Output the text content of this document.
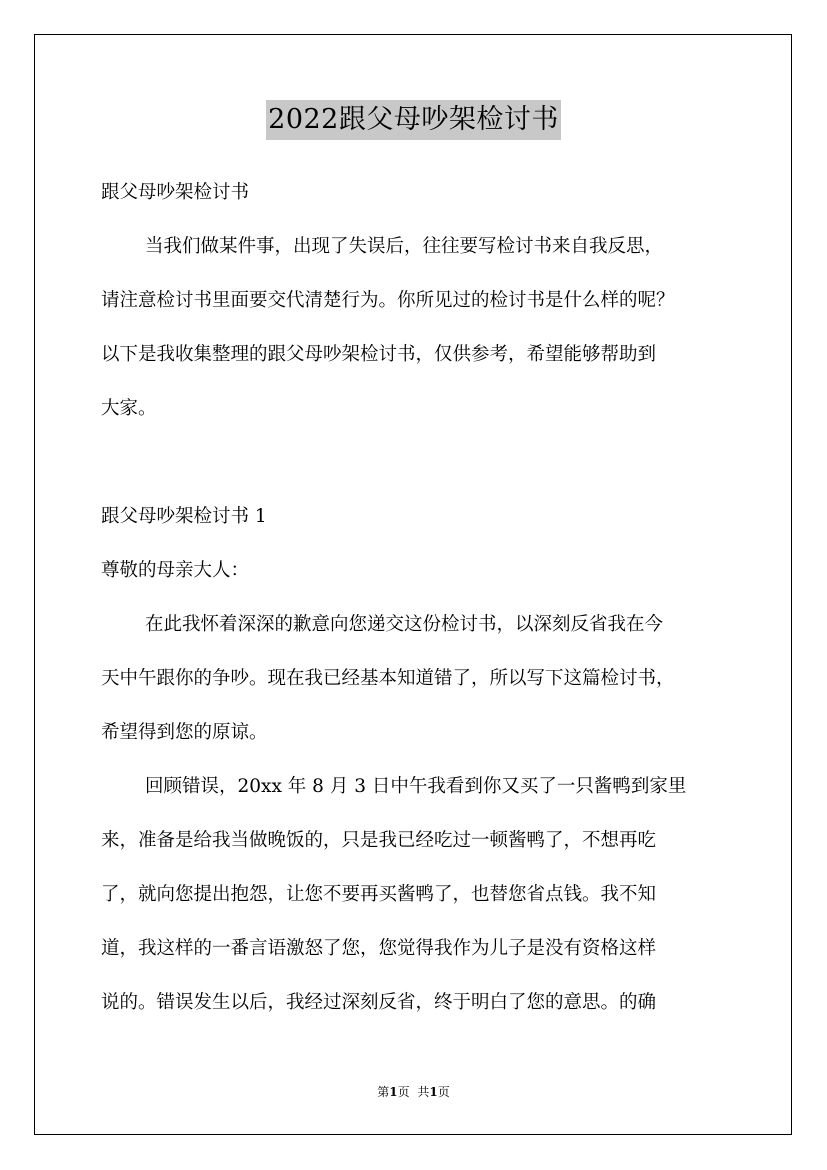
2022跟父母吵架检讨书
跟父母吵架检讨书
当我们做某件事，出现了失误后，往往要写检讨书来自我反思，
请注意检讨书里面要交代清楚行为。你所见过的检讨书是什么样的呢？
以下是我收集整理的跟父母吵架检讨书，仅供参考，希望能够帮助到
大家。
跟父母吵架检讨书 1
尊敬的母亲大人：
在此我怀着深深的歉意向您递交这份检讨书，以深刻反省我在今
天中午跟你的争吵。现在我已经基本知道错了，所以写下这篇检讨书，
希望得到您的原谅。
回顾错误，20xx 年 8 月 3 日中午我看到你又买了一只酱鸭到家里
来，准备是给我当做晚饭的，只是我已经吃过一顿酱鸭了，不想再吃
了，就向您提出抱怨，让您不要再买酱鸭了，也替您省点钱。我不知
道，我这样的一番言语激怒了您，您觉得我作为儿子是没有资格这样
说的。错误发生以后，我经过深刻反省，终于明白了您的意思。的确
第1页 共1页
